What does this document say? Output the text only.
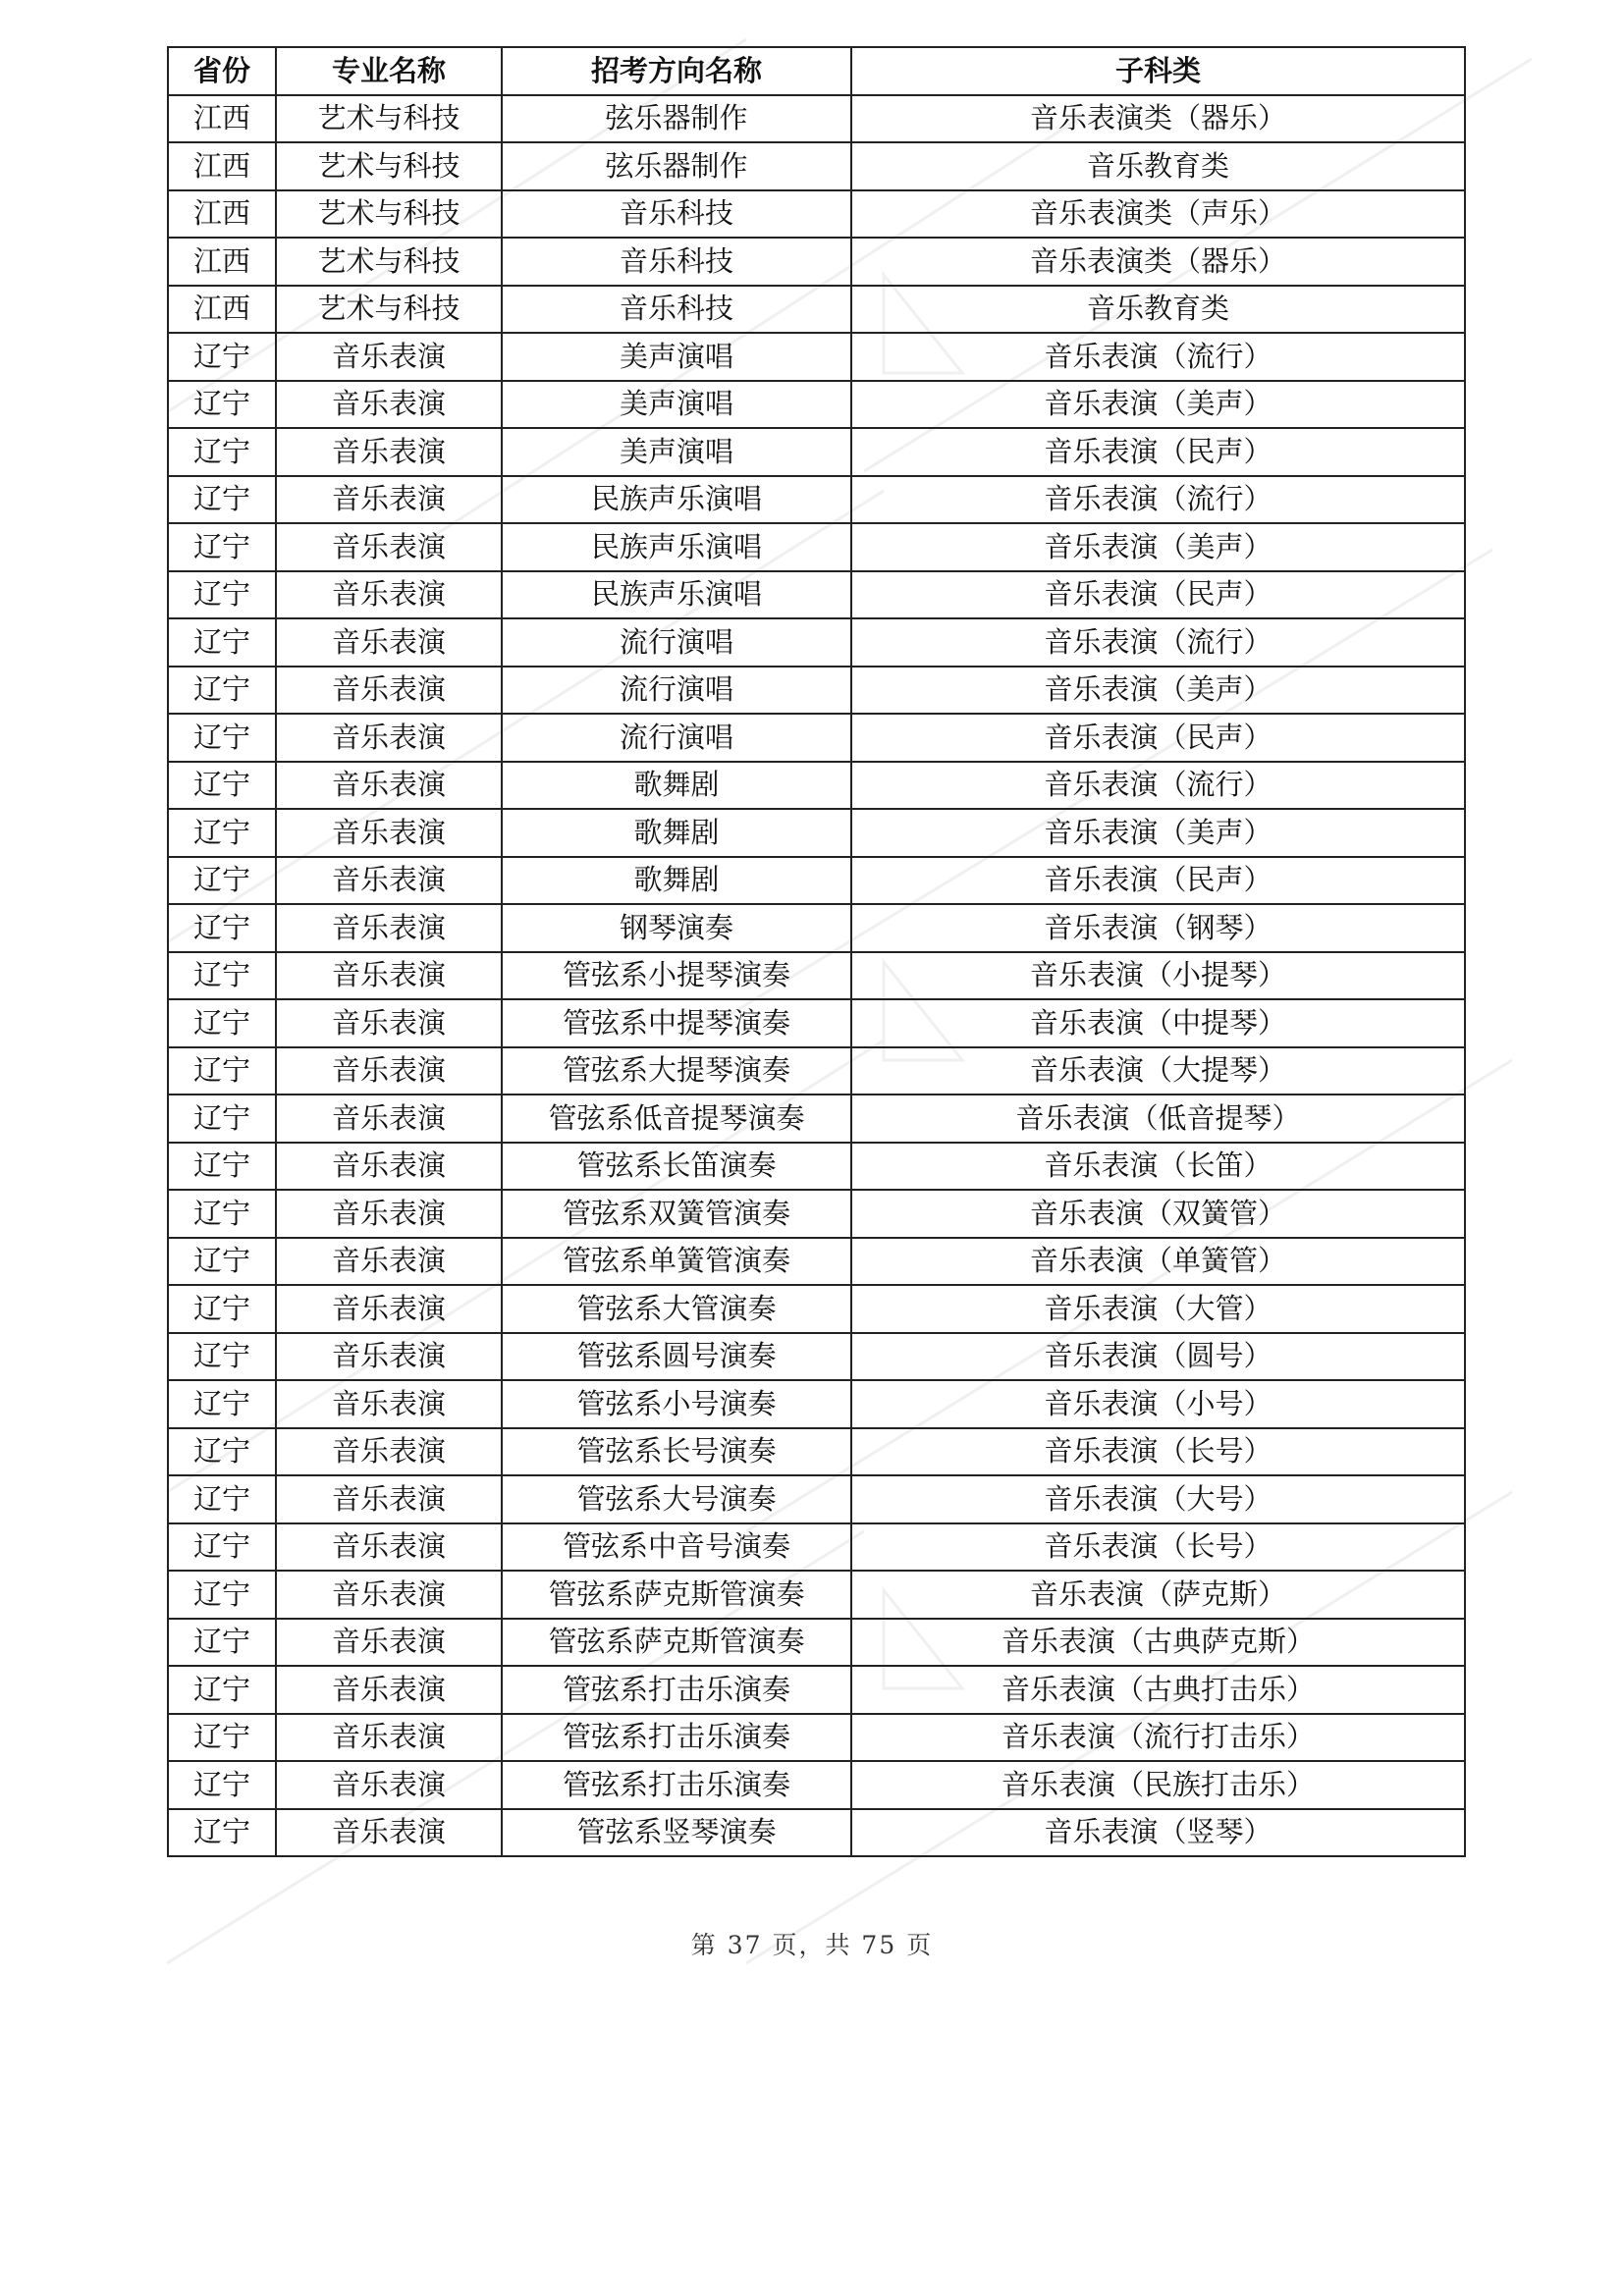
省份	专业名称	招考方向名称	子科类
江西	艺术与科技	弦乐器制作	音乐表演类（器乐）
江西	艺术与科技	弦乐器制作	音乐教育类
江西	艺术与科技	音乐科技	音乐表演类（声乐）
江西	艺术与科技	音乐科技	音乐表演类（器乐）
江西	艺术与科技	音乐科技	音乐教育类
辽宁	音乐表演	美声演唱	音乐表演（流行）
辽宁	音乐表演	美声演唱	音乐表演（美声）
辽宁	音乐表演	美声演唱	音乐表演（民声）
辽宁	音乐表演	民族声乐演唱	音乐表演（流行）
辽宁	音乐表演	民族声乐演唱	音乐表演（美声）
辽宁	音乐表演	民族声乐演唱	音乐表演（民声）
辽宁	音乐表演	流行演唱	音乐表演（流行）
辽宁	音乐表演	流行演唱	音乐表演（美声）
辽宁	音乐表演	流行演唱	音乐表演（民声）
辽宁	音乐表演	歌舞剧	音乐表演（流行）
辽宁	音乐表演	歌舞剧	音乐表演（美声）
辽宁	音乐表演	歌舞剧	音乐表演（民声）
辽宁	音乐表演	钢琴演奏	音乐表演（钢琴）
辽宁	音乐表演	管弦系小提琴演奏	音乐表演（小提琴）
辽宁	音乐表演	管弦系中提琴演奏	音乐表演（中提琴）
辽宁	音乐表演	管弦系大提琴演奏	音乐表演（大提琴）
辽宁	音乐表演	管弦系低音提琴演奏	音乐表演（低音提琴）
辽宁	音乐表演	管弦系长笛演奏	音乐表演（长笛）
辽宁	音乐表演	管弦系双簧管演奏	音乐表演（双簧管）
辽宁	音乐表演	管弦系单簧管演奏	音乐表演（单簧管）
辽宁	音乐表演	管弦系大管演奏	音乐表演（大管）
辽宁	音乐表演	管弦系圆号演奏	音乐表演（圆号）
辽宁	音乐表演	管弦系小号演奏	音乐表演（小号）
辽宁	音乐表演	管弦系长号演奏	音乐表演（长号）
辽宁	音乐表演	管弦系大号演奏	音乐表演（大号）
辽宁	音乐表演	管弦系中音号演奏	音乐表演（长号）
辽宁	音乐表演	管弦系萨克斯管演奏	音乐表演（萨克斯）
辽宁	音乐表演	管弦系萨克斯管演奏	音乐表演（古典萨克斯）
辽宁	音乐表演	管弦系打击乐演奏	音乐表演（古典打击乐）
辽宁	音乐表演	管弦系打击乐演奏	音乐表演（流行打击乐）
辽宁	音乐表演	管弦系打击乐演奏	音乐表演（民族打击乐）
辽宁	音乐表演	管弦系竖琴演奏	音乐表演（竖琴）
第 37 页，共 75 页
